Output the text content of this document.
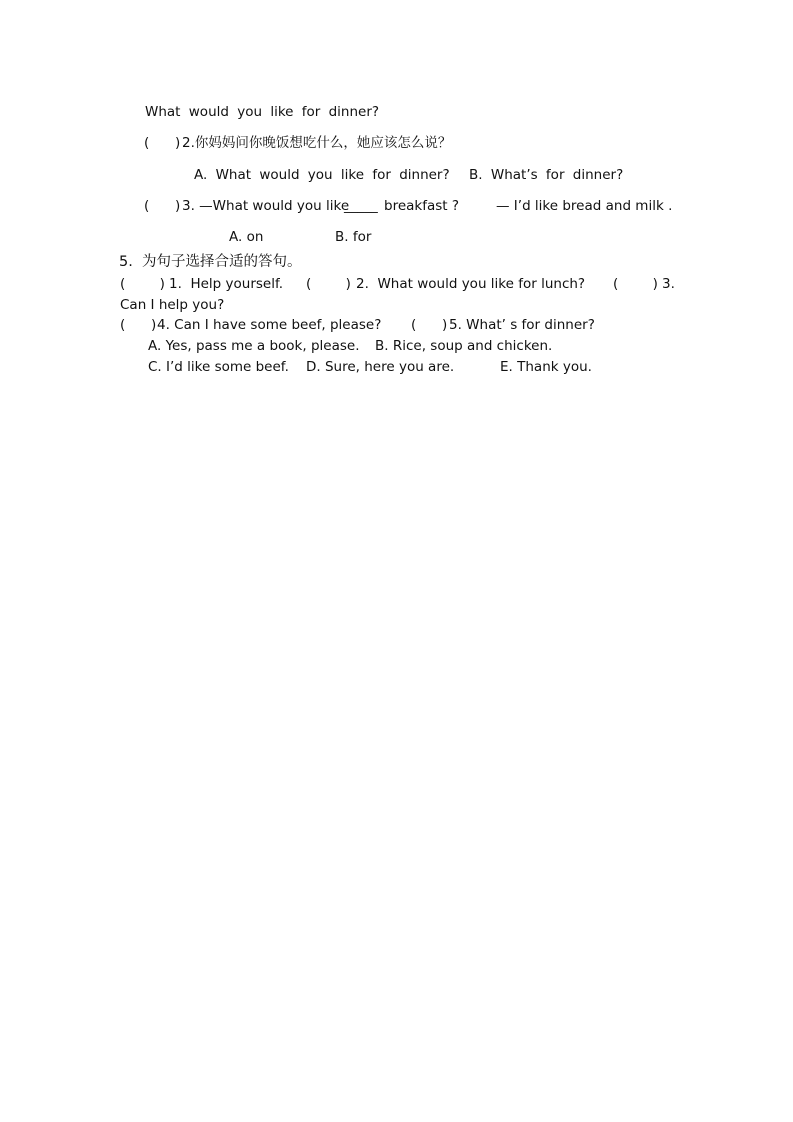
What would you like for dinner?
(      ) 2.你妈妈问你晚饭想吃什么，她应该怎么说？
A. What would you like for dinner? B. What’s for dinner?
(      ) 3. —What would you like
_____ breakfast ?	— I’d like bread and milk .
A. on	B. for
5.  为句子选择合适的答句。
(        ) 1.  Help yourself. (        ) 2.  What would you like for lunch? (        ) 3.
Can I help you?
(      ) 4. Can I have some beef, please? (      ) 5. What’ s for dinner?
A. Yes, pass me a book, please. B. Rice, soup and chicken.
C. I’d like some beef. D. Sure, here you are.	E. Thank you.
